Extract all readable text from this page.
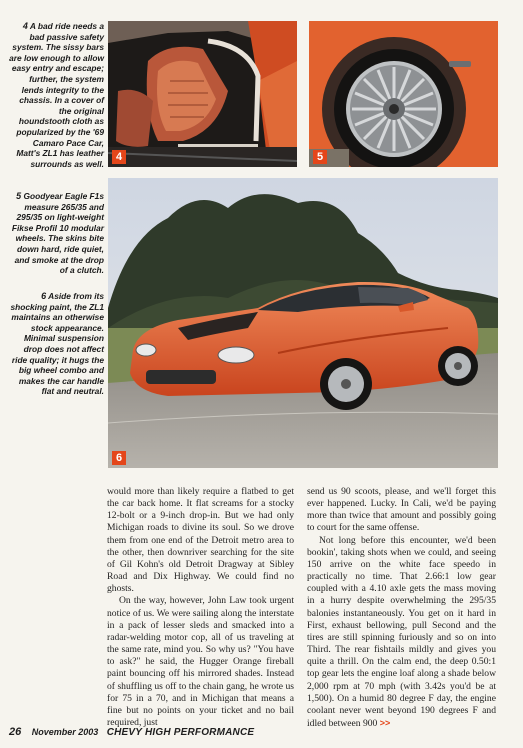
4 A bad ride needs a bad passive safety system. The sissy bars are low enough to allow easy entry and escape; further, the system lends integrity to the chassis. In a cover of the original houndstooth cloth as popularized by the '69 Camaro Pace Car, Matt's ZL1 has leather surrounds as well.
5 Goodyear Eagle F1s measure 265/35 and 295/35 on light-weight Fikse Profil 10 modular wheels. The skins bite down hard, ride quiet, and smoke at the drop of a clutch.
6 Aside from its shocking paint, the ZL1 maintains an otherwise stock appearance. Minimal suspension drop does not affect ride quality; it hugs the big wheel combo and makes the car handle flat and neutral.
4	5
6

would more than likely require a flatbed to get the car back home. It flat screams for a stocky 12-bolt or a 9-inch drop-in. But we had only Michigan roads to divine its soul. So we drove them from one end of the Detroit metro area to the other, then downriver searching for the site of Gil Kohn's old Detroit Dragway at Sibley Road and Dix Highway. We could find no ghosts.

On the way, however, John Law took urgent notice of us. We were sailing along the interstate in a pack of lesser sleds and smacked into a radar-welding motor cop, all of us traveling at the same rate, mind you. So why us? "You have to ask?" he said, the Hugger Orange fireball paint bouncing off his mirrored shades. Instead of shuffling us off to the chain gang, he wrote us for 75 in a 70, and in Michigan that means a fine but no points on your ticket and no bail required, just

send us 90 scoots, please, and we'll forget this ever happened. Lucky. In Cali, we'd be paying more than twice that amount and possibly going to court for the same offense.

Not long before this encounter, we'd been bookin', taking shots when we could, and seeing 150 arrive on the white face speedo in practically no time. That 2.66:1 low gear coupled with a 4.10 axle gets the mass moving in a hurry despite overwhelming the 295/35 balonies instantaneously. You get on it hard in First, exhaust bellowing, pull Second and the tires are still spinning furiously and so on into Third. The rear fishtails mildly and gives you quite a thrill. On the calm end, the deep 0.50:1 top gear lets the engine loaf along a shade below 2,000 rpm at 70 mph (with 3.42s you'd be at 1,500). On a humid 80 degree F day, the engine coolant never went beyond 190 degrees F and idled between 900 >>

26 November 2003 CHEVY HIGH PERFORMANCE
